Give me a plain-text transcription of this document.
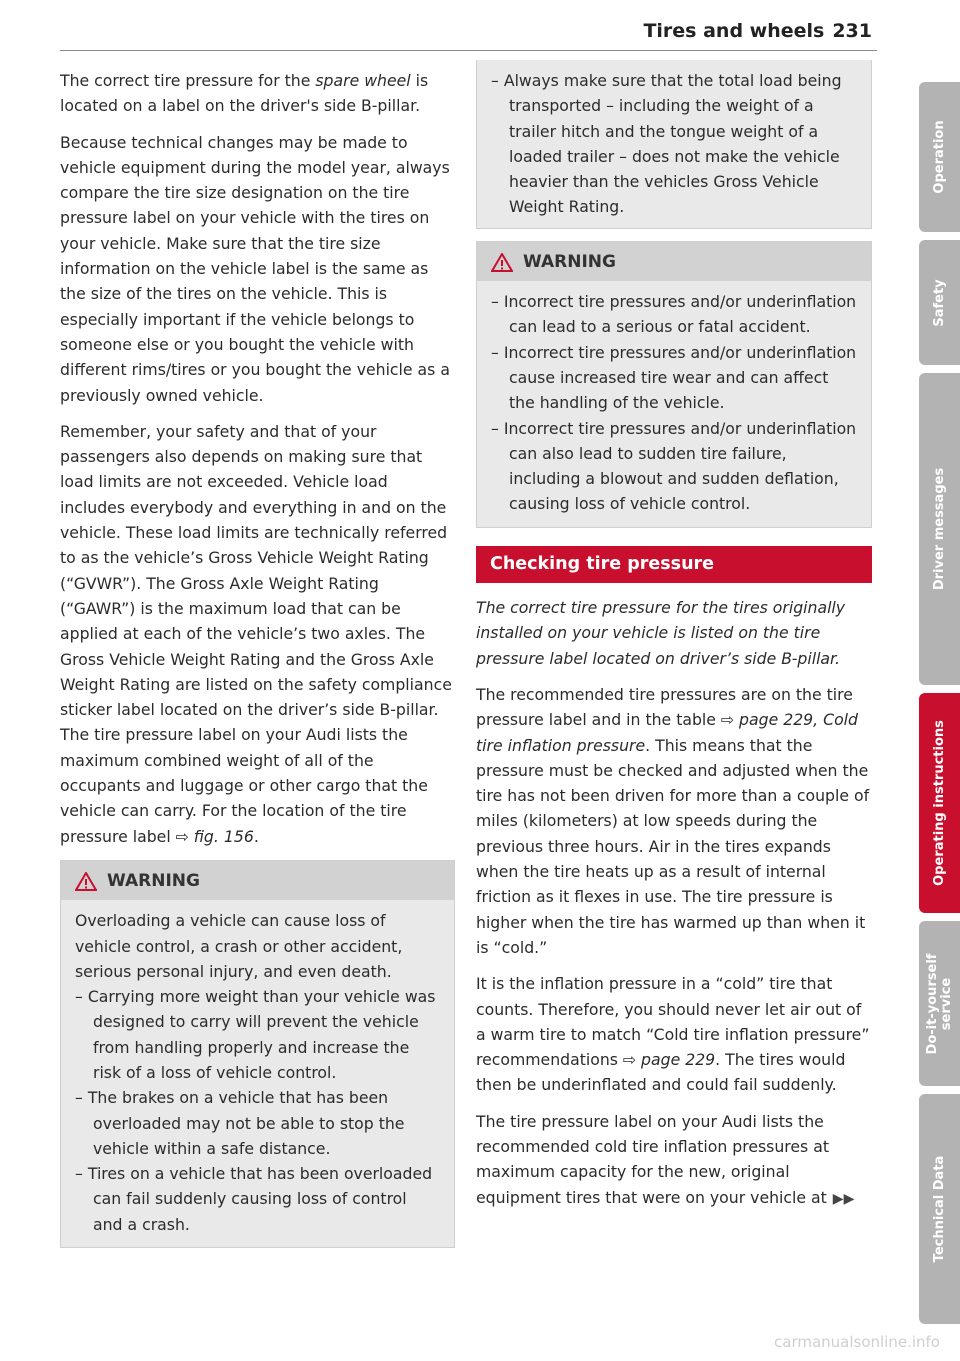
Tires and wheels 231

The correct tire pressure for the spare wheel is located on a label on the driver's side B-pillar.

Because technical changes may be made to vehicle equipment during the model year, always compare the tire size designation on the tire pressure label on your vehicle with the tires on your vehicle. Make sure that the tire size information on the vehicle label is the same as the size of the tires on the vehicle. This is especially important if the vehicle belongs to someone else or you bought the vehicle with different rims/tires or you bought the vehicle as a previously owned vehicle.

Remember, your safety and that of your passengers also depends on making sure that load limits are not exceeded. Vehicle load includes everybody and everything in and on the vehicle. These load limits are technically referred to as the vehicle’s Gross Vehicle Weight Rating (“GVWR”). The Gross Axle Weight Rating (“GAWR”) is the maximum load that can be applied at each of the vehicle’s two axles. The Gross Vehicle Weight Rating and the Gross Axle Weight Rating are listed on the safety compliance sticker label located on the driver’s side B-pillar. The tire pressure label on your Audi lists the maximum combined weight of all of the occupants and luggage or other cargo that the vehicle can carry. For the location of the tire pressure label ⇨ fig. 156.

WARNING

Overloading a vehicle can cause loss of vehicle control, a crash or other accident, serious personal injury, and even death.

– Carrying more weight than your vehicle was designed to carry will prevent the vehicle from handling properly and increase the risk of a loss of vehicle control.
– The brakes on a vehicle that has been overloaded may not be able to stop the vehicle within a safe distance.
– Tires on a vehicle that has been overloaded can fail suddenly causing loss of control and a crash.
– Always make sure that the total load being transported – including the weight of a trailer hitch and the tongue weight of a loaded trailer – does not make the vehicle heavier than the vehicles Gross Vehicle Weight Rating.
WARNING
– Incorrect tire pressures and/or underinflation can lead to a serious or fatal accident.
– Incorrect tire pressures and/or underinflation cause increased tire wear and can affect the handling of the vehicle.
– Incorrect tire pressures and/or underinflation can also lead to sudden tire failure, including a blowout and sudden deflation, causing loss of vehicle control.
Checking tire pressure

The correct tire pressure for the tires originally installed on your vehicle is listed on the tire pressure label located on driver’s side B-pillar.

The recommended tire pressures are on the tire pressure label and in the table ⇨ page 229, Cold tire inflation pressure. This means that the pressure must be checked and adjusted when the tire has not been driven for more than a couple of miles (kilometers) at low speeds during the previous three hours. Air in the tires expands when the tire heats up as a result of internal friction as it flexes in use. The tire pressure is higher when the tire has warmed up than when it is “cold.”

It is the inflation pressure in a “cold” tire that counts. Therefore, you should never let air out of a warm tire to match “Cold tire inflation pressure” recommendations ⇨ page 229. The tires would then be underinflated and could fail suddenly.

The tire pressure label on your Audi lists the recommended cold tire inflation pressures at maximum capacity for the new, original equipment tires that were on your vehicle at ▶▶

Operation
Safety
Driver messages
Operating instructions
Do-it-yourself service
Technical Data
carmanualsonline.info
